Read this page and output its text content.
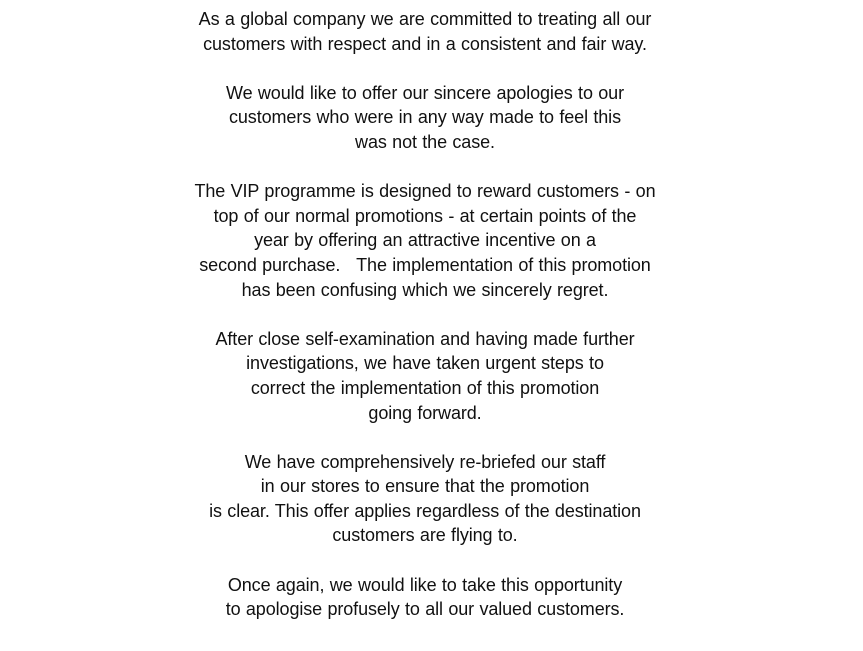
As a global company we are committed to treating all our
customers with respect and in a consistent and fair way.

We would like to offer our sincere apologies to our
customers who were in any way made to feel this
was not the case.

The VIP programme is designed to reward customers - on
top of our normal promotions - at certain points of the
year by offering an attractive incentive on a
second purchase.   The implementation of this promotion
has been confusing which we sincerely regret.

After close self-examination and having made further
investigations, we have taken urgent steps to
correct the implementation of this promotion
going forward.

We have comprehensively re-briefed our staff
in our stores to ensure that the promotion
is clear. This offer applies regardless of the destination
customers are flying to.

Once again, we would like to take this opportunity
to apologise profusely to all our valued customers.
